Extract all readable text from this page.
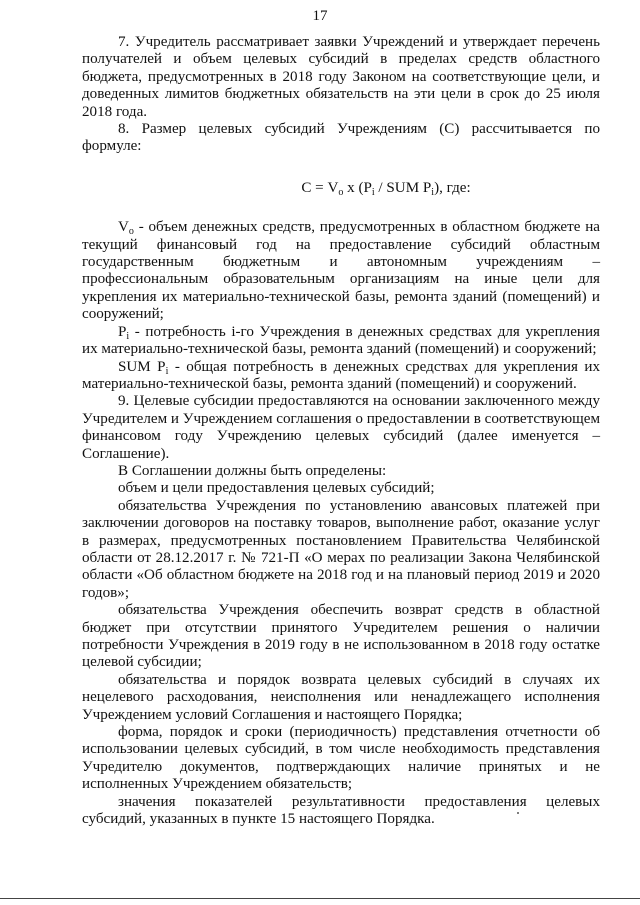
17

7. Учредитель рассматривает заявки Учреждений и утверждает перечень получателей и объем целевых субсидий в пределах средств областного бюджета, предусмотренных в 2018 году Законом на соответствующие цели, и доведенных лимитов бюджетных обязательств на эти цели в срок до 25 июля 2018 года.

8. Размер целевых субсидий Учреждениям (С) рассчитывается по формуле:

$С = V_о$ х ($P_i$ / SUM $P_i$), где:

$V_о$ - объем денежных средств, предусмотренных в областном бюджете на текущий финансовый год на предоставление субсидий областным государственным бюджетным и автономным учреждениям – профессиональным образовательным организациям на иные цели для укрепления их материально-технической базы, ремонта зданий (помещений) и сооружений;

$P_i$ - потребность i-го Учреждения в денежных средствах для укрепления их материально-технической базы, ремонта зданий (помещений) и сооружений;

SUM $P_i$ - общая потребность в денежных средствах для укрепления их материально-технической базы, ремонта зданий (помещений) и сооружений.

9. Целевые субсидии предоставляются на основании заключенного между Учредителем и Учреждением соглашения о предоставлении в соответствующем финансовом году Учреждению целевых субсидий (далее именуется – Соглашение).

В Соглашении должны быть определены:

объем и цели предоставления целевых субсидий;

обязательства Учреждения по установлению авансовых платежей при заключении договоров на поставку товаров, выполнение работ, оказание услуг в размерах, предусмотренных постановлением Правительства Челябинской области от 28.12.2017 г. № 721-П «О мерах по реализации Закона Челябинской области «Об областном бюджете на 2018 год и на плановый период 2019 и 2020 годов»;

обязательства Учреждения обеспечить возврат средств в областной бюджет при отсутствии принятого Учредителем решения о наличии потребности Учреждения в 2019 году в не использованном в 2018 году остатке целевой субсидии;

обязательства и порядок возврата целевых субсидий в случаях их нецелевого расходования, неисполнения или ненадлежащего исполнения Учреждением условий Соглашения и настоящего Порядка;

форма, порядок и сроки (периодичность) представления отчетности об использовании целевых субсидий, в том числе необходимость представления Учредителю документов, подтверждающих наличие принятых и не исполненных Учреждением обязательств;

значения показателей результативности предоставления целевых субсидий, указанных в пункте 15 настоящего Порядка.
